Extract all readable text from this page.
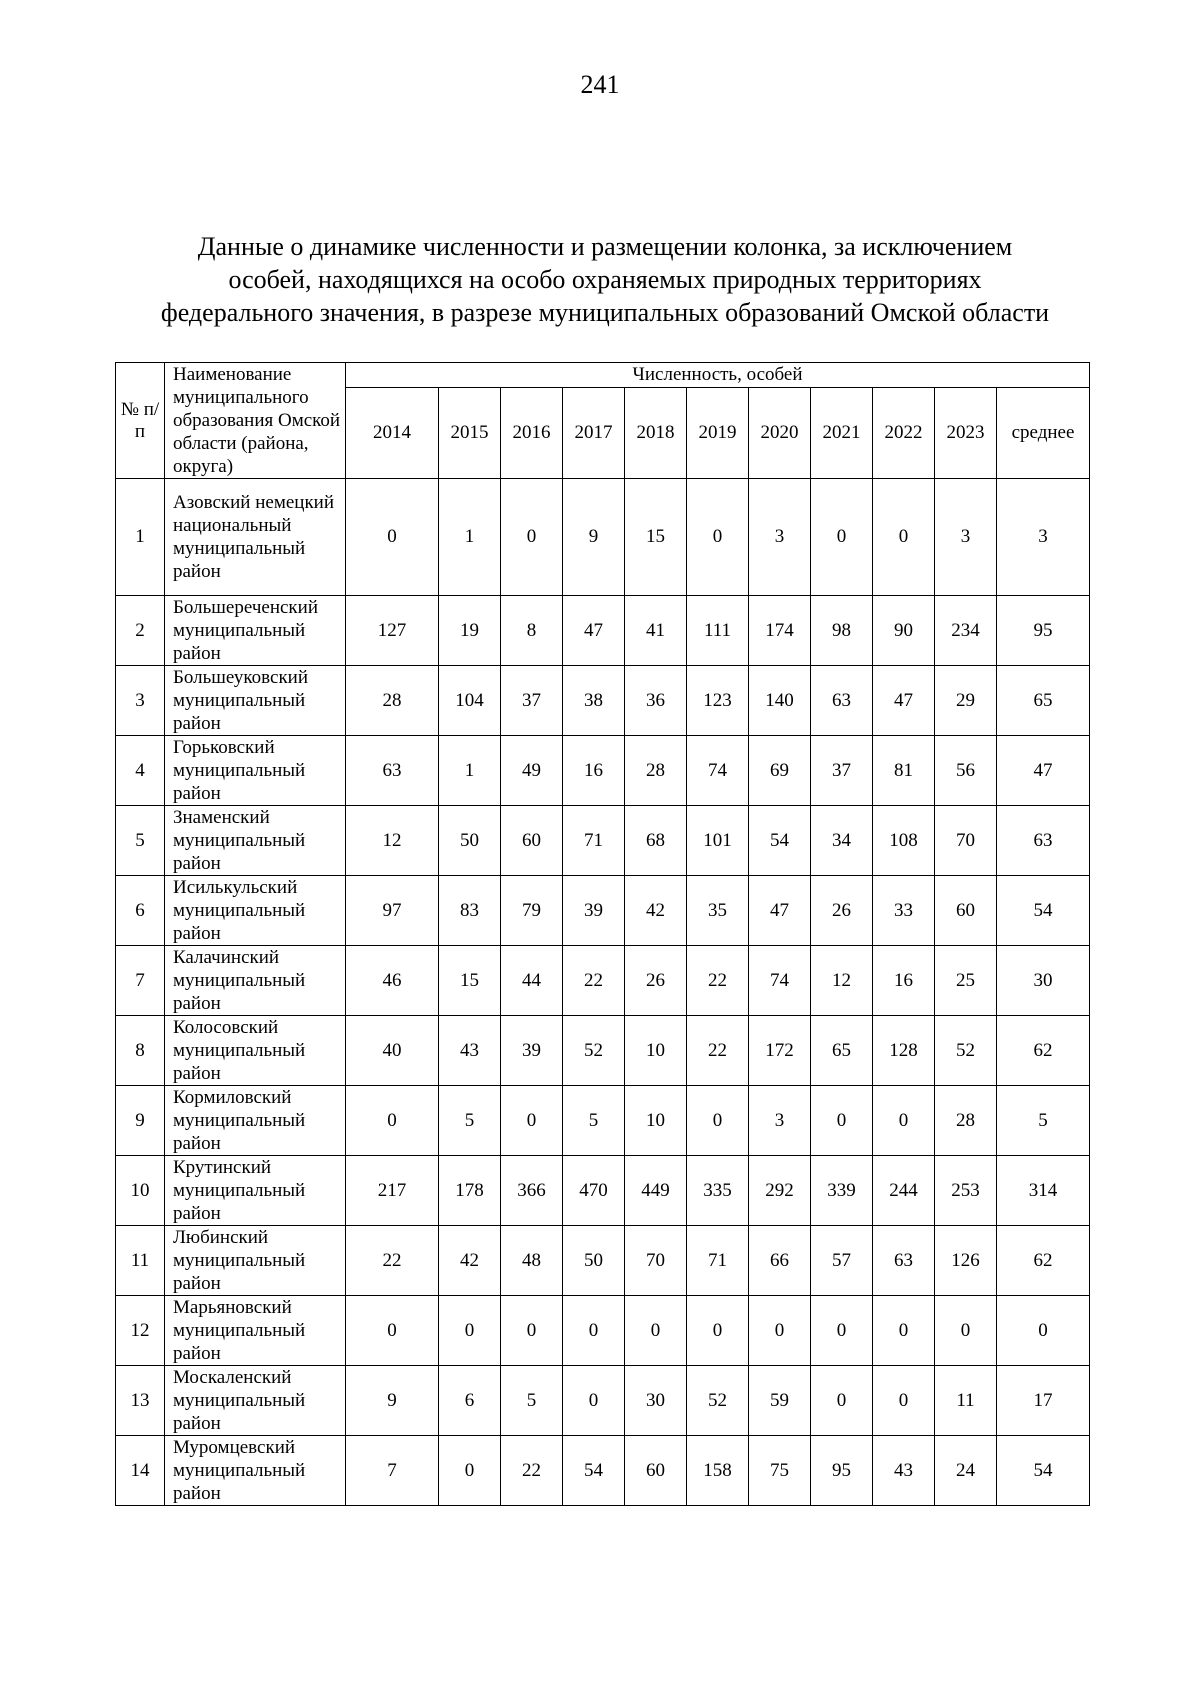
241
Данные о динамике численности и размещении колонка, за исключением
особей, находящихся на особо охраняемых природных территориях
федерального значения, в разрезе муниципальных образований Омской области
№ п/п	Наименование муниципального образования Омской области (района, округа)	Численность, особей										
		2014	2015	2016	2017	2018	2019	2020	2021	2022	2023	среднее
1	Азовский немецкий национальный муниципальный район	0	1	0	9	15	0	3	0	0	3	3
2	Большереченский муниципальный район	127	19	8	47	41	111	174	98	90	234	95
3	Большеуковский муниципальный район	28	104	37	38	36	123	140	63	47	29	65
4	Горьковский муниципальный район	63	1	49	16	28	74	69	37	81	56	47
5	Знаменский муниципальный район	12	50	60	71	68	101	54	34	108	70	63
6	Исилькульский муниципальный район	97	83	79	39	42	35	47	26	33	60	54
7	Калачинский муниципальный район	46	15	44	22	26	22	74	12	16	25	30
8	Колосовский муниципальный район	40	43	39	52	10	22	172	65	128	52	62
9	Кормиловский муниципальный район	0	5	0	5	10	0	3	0	0	28	5
10	Крутинский муниципальный район	217	178	366	470	449	335	292	339	244	253	314
11	Любинский муниципальный район	22	42	48	50	70	71	66	57	63	126	62
12	Марьяновский муниципальный район	0	0	0	0	0	0	0	0	0	0	0
13	Москаленский муниципальный район	9	6	5	0	30	52	59	0	0	11	17
14	Муромцевский муниципальный район	7	0	22	54	60	158	75	95	43	24	54
